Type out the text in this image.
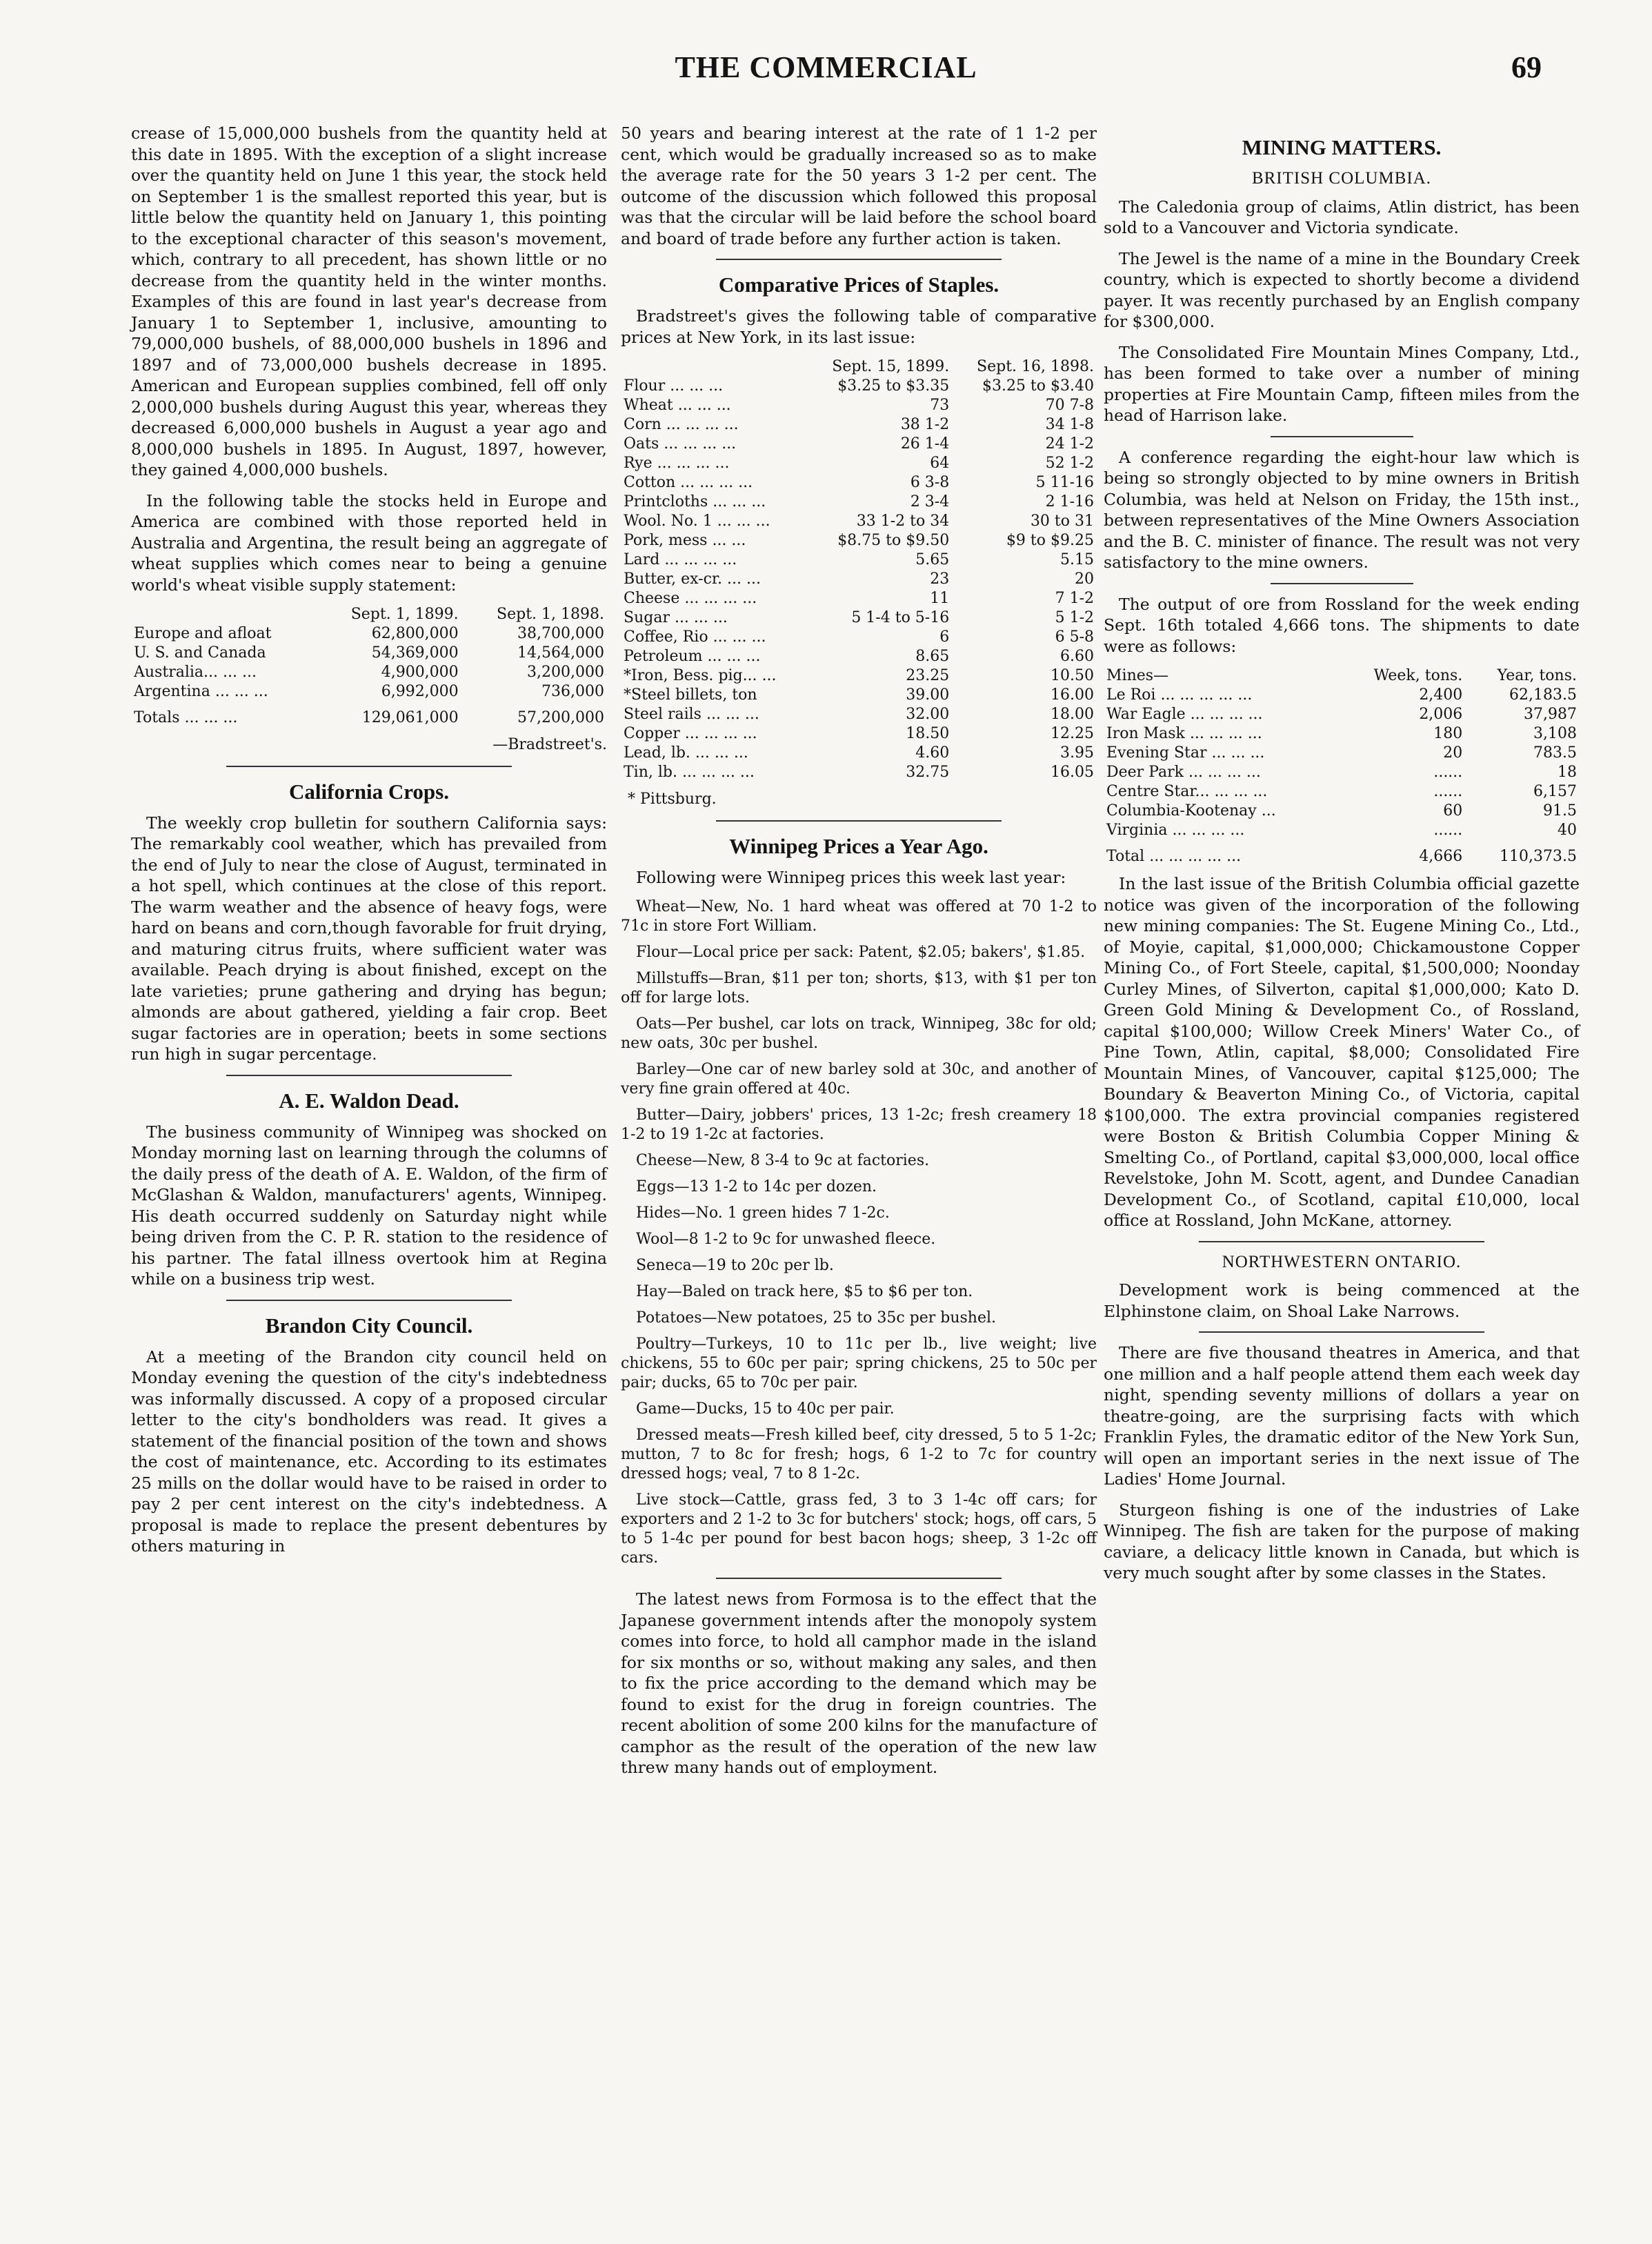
THE COMMERCIAL	69

crease of 15,000,000 bushels from the quantity held at this date in 1895. With the exception of a slight increase over the quantity held on June 1 this year, the stock held on September 1 is the smallest reported this year, but is little below the quantity held on January 1, this pointing to the exceptional character of this season's movement, which, contrary to all precedent, has shown little or no decrease from the quantity held in the winter months. Examples of this are found in last year's decrease from January 1 to September 1, inclusive, amounting to 79,000,000 bushels, of 88,000,000 bushels in 1896 and 1897 and of 73,000,000 bushels decrease in 1895. American and European supplies combined, fell off only 2,000,000 bushels during August this year, whereas they decreased 6,000,000 bushels in August a year ago and 8,000,000 bushels in 1895. In August, 1897, however, they gained 4,000,000 bushels.

In the following table the stocks held in Europe and America are combined with those reported held in Australia and Argentina, the result being an aggregate of wheat supplies which comes near to being a genuine world's wheat visible supply statement:

	Sept. 1, 1899.	Sept. 1, 1898.
Europe and afloat	62,800,000	38,700,000
U. S. and Canada	54,369,000	14,564,000
Australia... ... ...	4,900,000	3,200,000
Argentina ... ... ...	6,992,000	736,000
Totals ... ... ...	129,061,000	57,200,000
—Bradstreet's.
California Crops.

The weekly crop bulletin for southern California says: The remarkably cool weather, which has prevailed from the end of July to near the close of August, terminated in a hot spell, which continues at the close of this report. The warm weather and the absence of heavy fogs, were hard on beans and corn,though favorable for fruit drying, and maturing citrus fruits, where sufficient water was available. Peach drying is about finished, except on the late varieties; prune gathering and drying has begun; almonds are about gathered, yielding a fair crop. Beet sugar factories are in operation; beets in some sections run high in sugar percentage.

A. E. Waldon Dead.

The business community of Winnipeg was shocked on Monday morning last on learning through the columns of the daily press of the death of A. E. Waldon, of the firm of McGlashan & Waldon, manufacturers' agents, Winnipeg. His death occurred suddenly on Saturday night while being driven from the C. P. R. station to the residence of his partner. The fatal illness overtook him at Regina while on a business trip west.

Brandon City Council.

At a meeting of the Brandon city council held on Monday evening the question of the city's indebtedness was informally discussed. A copy of a proposed circular letter to the city's bondholders was read. It gives a statement of the financial position of the town and shows the cost of maintenance, etc. According to its estimates 25 mills on the dollar would have to be raised in order to pay 2 per cent interest on the city's indebtedness. A proposal is made to replace the present debentures by others maturing in

50 years and bearing interest at the rate of 1 1-2 per cent, which would be gradually increased so as to make the average rate for the 50 years 3 1-2 per cent. The outcome of the discussion which followed this proposal was that the circular will be laid before the school board and board of trade before any further action is taken.

Comparative Prices of Staples.

Bradstreet's gives the following table of comparative prices at New York, in its last issue:

	Sept. 15, 1899.	Sept. 16, 1898.
Flour ... ... ...	$3.25 to $3.35	$3.25 to $3.40
Wheat ... ... ...	73	70 7-8
Corn ... ... ... ...	38 1-2	34 1-8
Oats ... ... ... ...	26 1-4	24 1-2
Rye ... ... ... ...	64	52 1-2
Cotton ... ... ... ...	6 3-8	5 11-16
Printcloths ... ... ...	2 3-4	2 1-16
Wool. No. 1 ... ... ...	33 1-2 to 34	30 to 31
Pork, mess ... ...	$8.75 to $9.50	$9 to $9.25
Lard ... ... ... ...	5.65	5.15
Butter, ex-cr. ... ...	23	20
Cheese ... ... ... ...	11	7 1-2
Sugar ... ... ...	5 1-4 to 5-16	5 1-2
Coffee, Rio ... ... ...	6	6 5-8
Petroleum ... ... ...	8.65	6.60
*Iron, Bess. pig... ...	23.25	10.50
*Steel billets, ton	39.00	16.00
Steel rails ... ... ...	32.00	18.00
Copper ... ... ... ...	18.50	12.25
Lead, lb. ... ... ...	4.60	3.95
Tin, lb. ... ... ... ...	32.75	16.05
* Pittsburg.
Winnipeg Prices a Year Ago.

Following were Winnipeg prices this week last year:

Wheat—New, No. 1 hard wheat was offered at 70 1-2 to 71c in store Fort William.
Flour—Local price per sack: Patent, $2.05; bakers', $1.85.
Millstuffs—Bran, $11 per ton; shorts, $13, with $1 per ton off for large lots.
Oats—Per bushel, car lots on track, Winnipeg, 38c for old; new oats, 30c per bushel.
Barley—One car of new barley sold at 30c, and another of very fine grain offered at 40c.
Butter—Dairy, jobbers' prices, 13 1-2c; fresh creamery 18 1-2 to 19 1-2c at factories.
Cheese—New, 8 3-4 to 9c at factories.
Eggs—13 1-2 to 14c per dozen.
Hides—No. 1 green hides 7 1-2c.
Wool—8 1-2 to 9c for unwashed fleece.
Seneca—19 to 20c per lb.
Hay—Baled on track here, $5 to $6 per ton.
Potatoes—New potatoes, 25 to 35c per bushel.
Poultry—Turkeys, 10 to 11c per lb., live weight; live chickens, 55 to 60c per pair; spring chickens, 25 to 50c per pair; ducks, 65 to 70c per pair.
Game—Ducks, 15 to 40c per pair.
Dressed meats—Fresh killed beef, city dressed, 5 to 5 1-2c; mutton, 7 to 8c for fresh; hogs, 6 1-2 to 7c for country dressed hogs; veal, 7 to 8 1-2c.
Live stock—Cattle, grass fed, 3 to 3 1-4c off cars; for exporters and 2 1-2 to 3c for butchers' stock; hogs, off cars, 5 to 5 1-4c per pound for best bacon hogs; sheep, 3 1-2c off cars.

The latest news from Formosa is to the effect that the Japanese government intends after the monopoly system comes into force, to hold all camphor made in the island for six months or so, without making any sales, and then to fix the price according to the demand which may be found to exist for the drug in foreign countries. The recent abolition of some 200 kilns for the manufacture of camphor as the result of the operation of the new law threw many hands out of employment.

MINING MATTERS.
BRITISH COLUMBIA.

The Caledonia group of claims, Atlin district, has been sold to a Vancouver and Victoria syndicate.

The Jewel is the name of a mine in the Boundary Creek country, which is expected to shortly become a dividend payer. It was recently purchased by an English company for $300,000.

The Consolidated Fire Mountain Mines Company, Ltd., has been formed to take over a number of mining properties at Fire Mountain Camp, fifteen miles from the head of Harrison lake.

A conference regarding the eight-hour law which is being so strongly objected to by mine owners in British Columbia, was held at Nelson on Friday, the 15th inst., between representatives of the Mine Owners Association and the B. C. minister of finance. The result was not very satisfactory to the mine owners.

The output of ore from Rossland for the week ending Sept. 16th totaled 4,666 tons. The shipments to date were as follows:

Mines—	Week, tons.	Year, tons.
Le Roi ... ... ... ... ...	2,400	62,183.5
War Eagle ... ... ... ...	2,006	37,987
Iron Mask ... ... ... ...	180	3,108
Evening Star ... ... ...	20	783.5
Deer Park ... ... ... ...	......	18
Centre Star... ... ... ...	......	6,157
Columbia-Kootenay ...	60	91.5
Virginia ... ... ... ...	......	40
Total ... ... ... ... ...	4,666	110,373.5

In the last issue of the British Columbia official gazette notice was given of the incorporation of the following new mining companies: The St. Eugene Mining Co., Ltd., of Moyie, capital, $1,000,000; Chickamoustone Copper Mining Co., of Fort Steele, capital, $1,500,000; Noonday Curley Mines, of Silverton, capital $1,000,000; Kato D. Green Gold Mining & Development Co., of Rossland, capital $100,000; Willow Creek Miners' Water Co., of Pine Town, Atlin, capital, $8,000; Consolidated Fire Mountain Mines, of Vancouver, capital $125,000; The Boundary & Beaverton Mining Co., of Victoria, capital $100,000. The extra provincial companies registered were Boston & British Columbia Copper Mining & Smelting Co., of Portland, capital $3,000,000, local office Revelstoke, John M. Scott, agent, and Dundee Canadian Development Co., of Scotland, capital £10,000, local office at Rossland, John McKane, attorney.

NORTHWESTERN ONTARIO.

Development work is being commenced at the Elphinstone claim, on Shoal Lake Narrows.

There are five thousand theatres in America, and that one million and a half people attend them each week day night, spending seventy millions of dollars a year on theatre-going, are the surprising facts with which Franklin Fyles, the dramatic editor of the New York Sun, will open an important series in the next issue of The Ladies' Home Journal.

Sturgeon fishing is one of the industries of Lake Winnipeg. The fish are taken for the purpose of making caviare, a delicacy little known in Canada, but which is very much sought after by some classes in the States.
